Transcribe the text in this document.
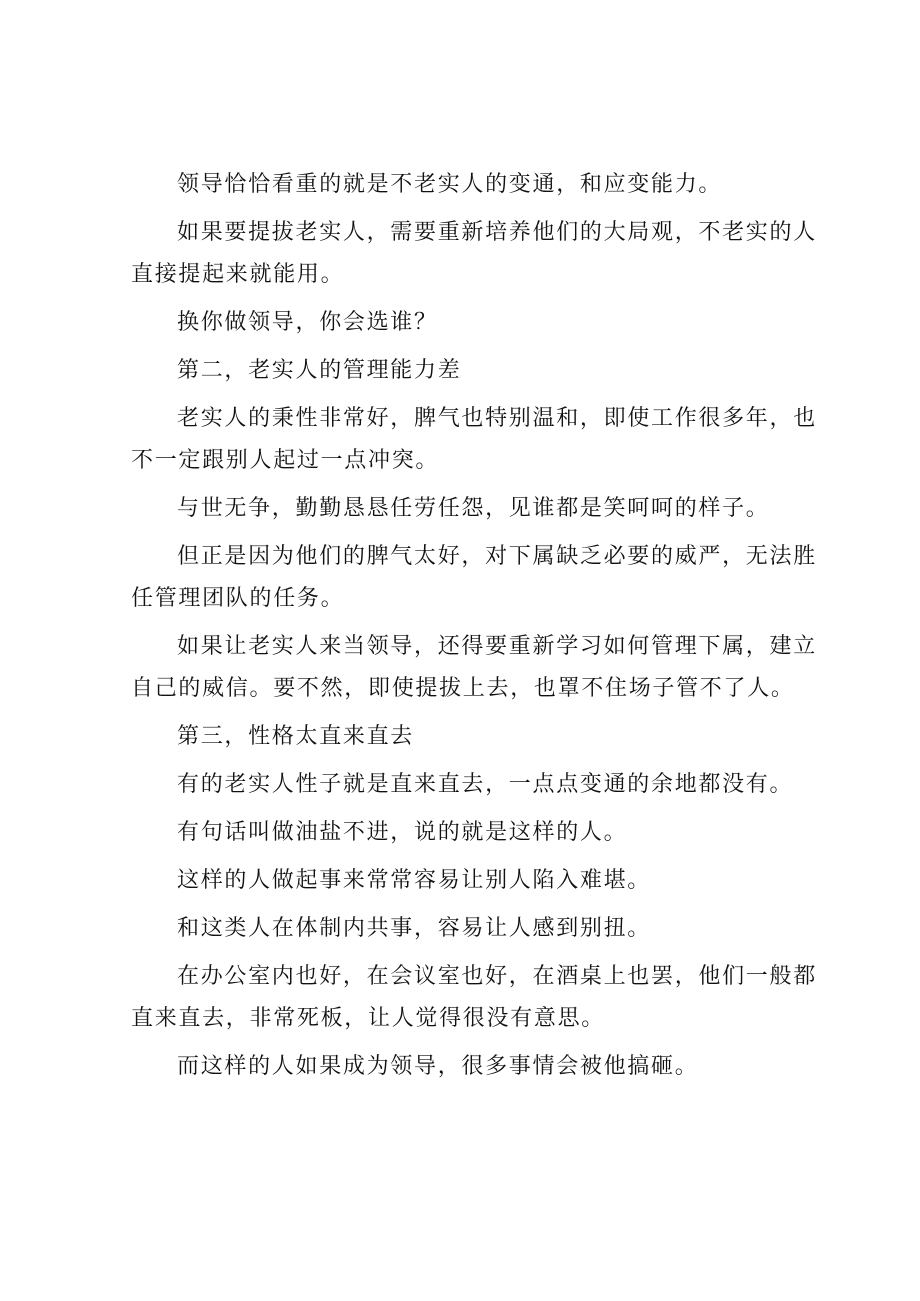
领导恰恰看重的就是不老实人的变通，和应变能力。
如果要提拔老实人，需要重新培养他们的大局观，不老实的人
直接提起来就能用。
换你做领导，你会选谁？
第二，老实人的管理能力差
老实人的秉性非常好，脾气也特别温和，即使工作很多年，也
不一定跟别人起过一点冲突。
与世无争，勤勤恳恳任劳任怨，见谁都是笑呵呵的样子。
但正是因为他们的脾气太好，对下属缺乏必要的威严，无法胜
任管理团队的任务。
如果让老实人来当领导，还得要重新学习如何管理下属，建立
自己的威信。要不然，即使提拔上去，也罩不住场子管不了人。
第三，性格太直来直去
有的老实人性子就是直来直去，一点点变通的余地都没有。
有句话叫做油盐不进，说的就是这样的人。
这样的人做起事来常常容易让别人陷入难堪。
和这类人在体制内共事，容易让人感到别扭。
在办公室内也好，在会议室也好，在酒桌上也罢，他们一般都
直来直去，非常死板，让人觉得很没有意思。
而这样的人如果成为领导，很多事情会被他搞砸。
